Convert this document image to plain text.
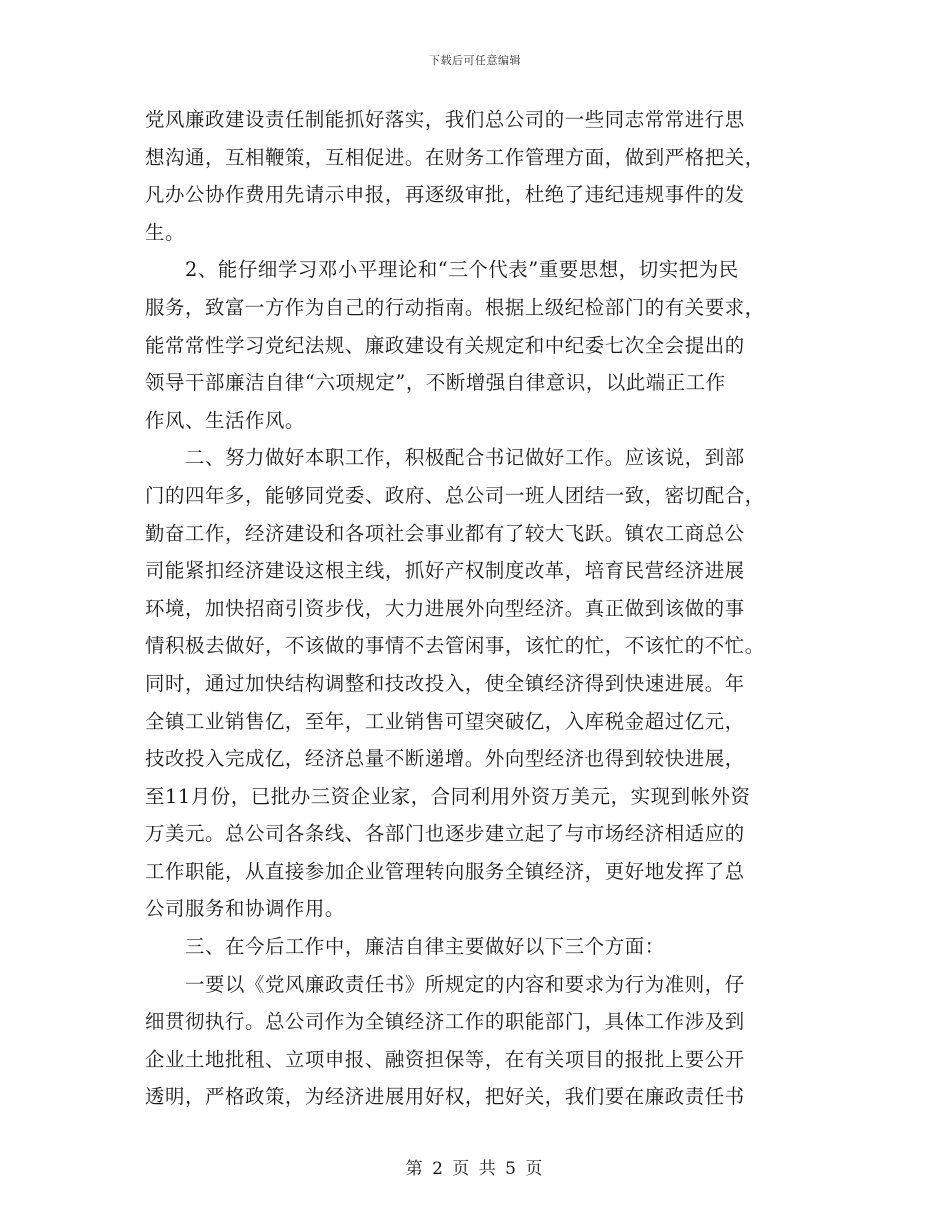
下载后可任意编辑
党风廉政建设责任制能抓好落实，我们总公司的一些同志常常进行思
想沟通，互相鞭策，互相促进。在财务工作管理方面，做到严格把关，
凡办公协作费用先请示申报，再逐级审批，杜绝了违纪违规事件的发
生。
　　2、能仔细学习邓小平理论和“三个代表”重要思想，切实把为民
服务，致富一方作为自己的行动指南。根据上级纪检部门的有关要求，
能常常性学习党纪法规、廉政建设有关规定和中纪委七次全会提出的
领导干部廉洁自律“六项规定”，不断增强自律意识，以此端正工作
作风、生活作风。
　　二、努力做好本职工作，积极配合书记做好工作。应该说，到部
门的四年多，能够同党委、政府、总公司一班人团结一致，密切配合，
勤奋工作，经济建设和各项社会事业都有了较大飞跃。镇农工商总公
司能紧扣经济建设这根主线，抓好产权制度改革，培育民营经济进展
环境，加快招商引资步伐，大力进展外向型经济。真正做到该做的事
情积极去做好，不该做的事情不去管闲事，该忙的忙，不该忙的不忙。
同时，通过加快结构调整和技改投入，使全镇经济得到快速进展。年
全镇工业销售亿，至年，工业销售可望突破亿，入库税金超过亿元，
技改投入完成亿，经济总量不断递增。外向型经济也得到较快进展，
至11月份，已批办三资企业家，合同利用外资万美元，实现到帐外资
万美元。总公司各条线、各部门也逐步建立起了与市场经济相适应的
工作职能，从直接参加企业管理转向服务全镇经济，更好地发挥了总
公司服务和协调作用。
　　三、在今后工作中，廉洁自律主要做好以下三个方面：
　　一要以《党风廉政责任书》所规定的内容和要求为行为准则，仔
细贯彻执行。总公司作为全镇经济工作的职能部门，具体工作涉及到
企业土地批租、立项申报、融资担保等，在有关项目的报批上要公开
透明，严格政策，为经济进展用好权，把好关，我们要在廉政责任书
第 2 页 共 5 页
